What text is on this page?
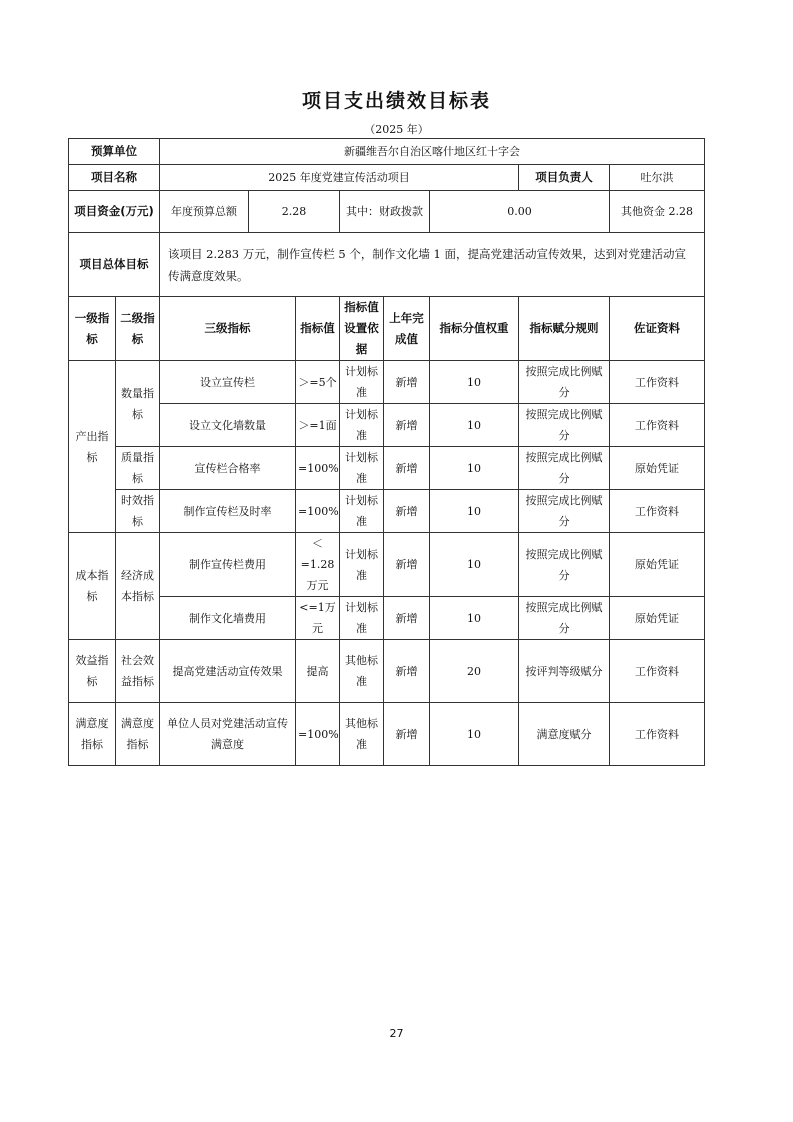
项目支出绩效目标表
（2025 年）
预算单位		新疆维吾尔自治区喀什地区红十字会							
项目名称		2025 年度党建宣传活动项目						项目负责人	吐尔洪
项目资金(万元)		年度预算总额	2.28		其中：财政拨款		0.00		其他资金 2.28
项目总体目标		该项目 2.283 万元，制作宣传栏 5 个，制作文化墙 1 面，提高党建活动宣传效果，达到对党建活动宣传满意度效果。							
一级指标	二级指标	三级指标		指标值	指标值设置依据	上年完成值	指标分值权重	指标赋分规则	佐证资料
产出指标	数量指标	设立宣传栏		＞=5个	计划标准	新增	10	按照完成比例赋分	工作资料
		设立文化墙数量		＞=1面	计划标准	新增	10	按照完成比例赋分	工作资料
	质量指标	宣传栏合格率		=100%	计划标准	新增	10	按照完成比例赋分	原始凭证
	时效指标	制作宣传栏及时率		=100%	计划标准	新增	10	按照完成比例赋分	工作资料
成本指标	经济成本指标	制作宣传栏费用		＜=1.28万元	计划标准	新增	10	按照完成比例赋分	原始凭证
		制作文化墙费用		<=1万元	计划标准	新增	10	按照完成比例赋分	原始凭证
效益指标	社会效益指标	提高党建活动宣传效果		提高	其他标准	新增	20	按评判等级赋分	工作资料
满意度指标	满意度指标	单位人员对党建活动宣传满意度		=100%	其他标准	新增	10	满意度赋分	工作资料
27
